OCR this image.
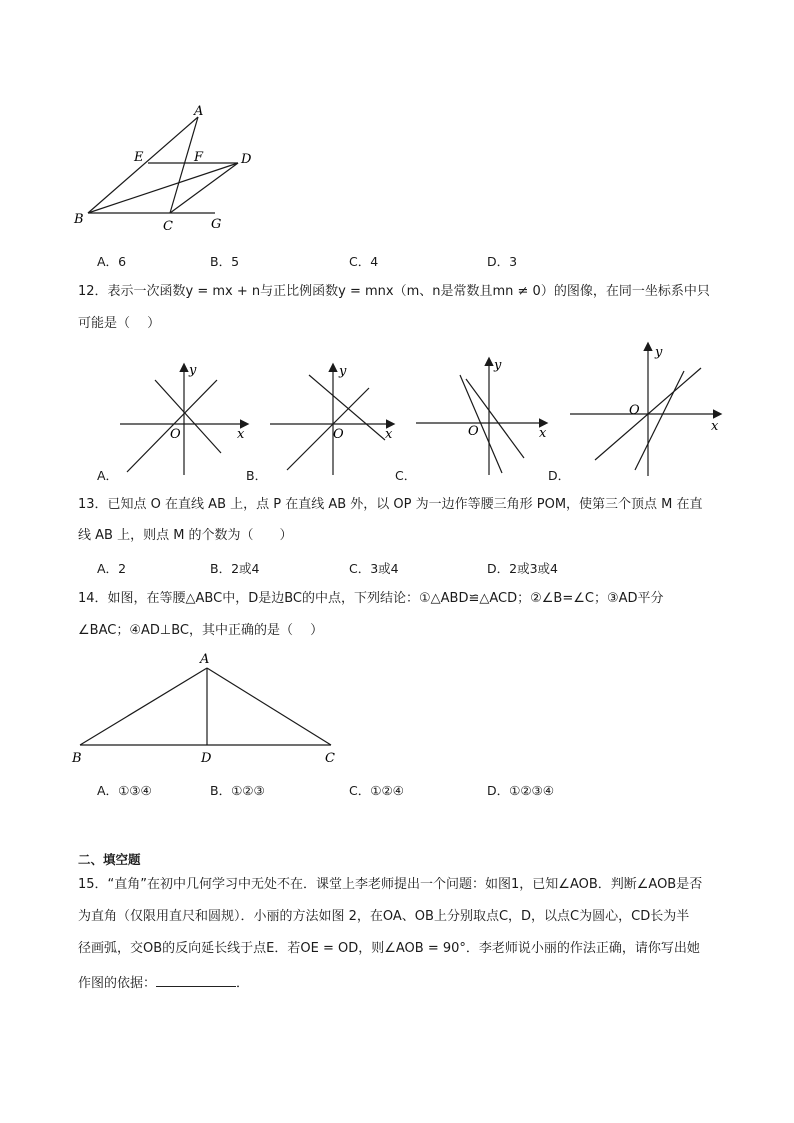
A
E	F	D
B	C	G
A．6	B．5	C．4	D．3
12．表示一次函数y = mx + n与正比例函数y = mnx（m、n是常数且mn ≠ 0）的图像，在同一坐标系中只
可能是（　 ）
y
x
O
A．
y
x
O
B．
y
x
O
C．
y
x
O
D．
13．已知点 O 在直线 AB 上，点 P 在直线 AB 外，以 OP 为一边作等腰三角形 POM，使第三个顶点 M 在直
线 AB 上，则点 M 的个数为（　　）
A．2	B．2或4	C．3或4	D．2或3或4
14．如图，在等腰△ABC中，D是边BC的中点，下列结论：①△ABD≌△ACD；②∠B=∠C；③AD平分
∠BAC；④AD⊥BC，其中正确的是（　 ）
A
B	D	C
A．①③④	B．①②③	C．①②④	D．①②③④
二、填空题
15．“直角”在初中几何学习中无处不在．课堂上李老师提出一个问题：如图1，已知∠AOB．判断∠AOB是否
为直角（仅限用直尺和圆规）．小丽的方法如图 2，在OA、OB上分别取点C，D，以点C为圆心，CD长为半
径画弧，交OB的反向延长线于点E．若OE = OD，则∠AOB = 90°．李老师说小丽的作法正确，请你写出她
作图的依据：	．
